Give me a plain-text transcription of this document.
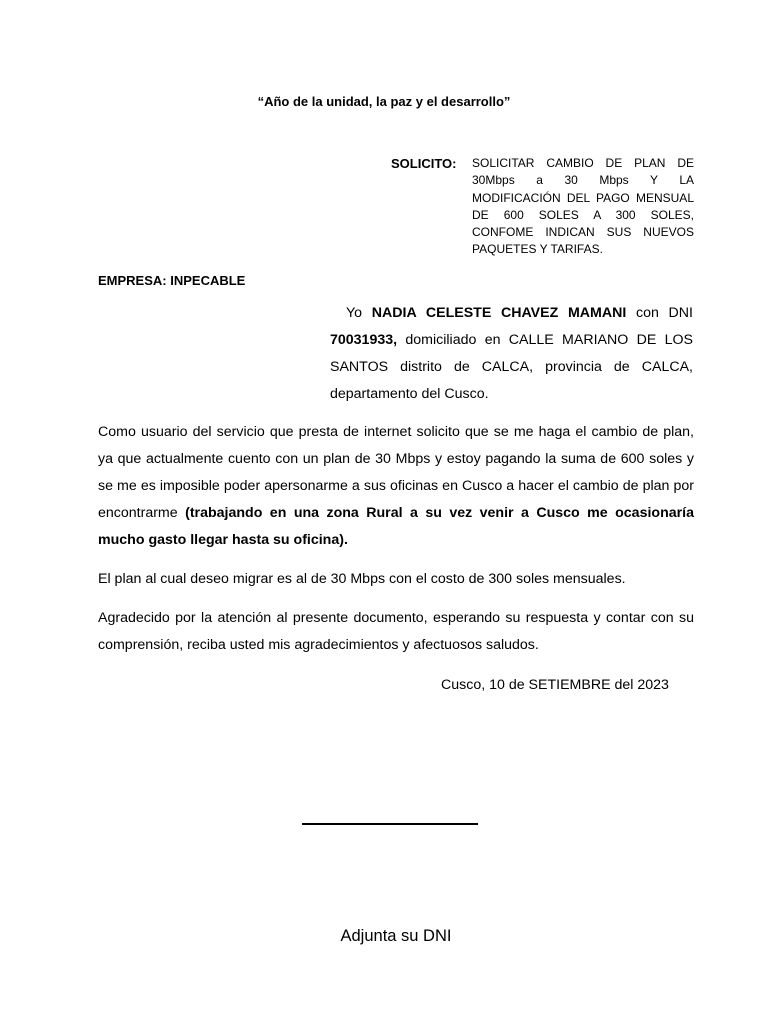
“Año de la unidad, la paz y el desarrollo”
SOLICITO: SOLICITAR CAMBIO DE PLAN DE 30Mbps a 30 Mbps Y LA MODIFICACIÓN DEL PAGO MENSUAL DE 600 SOLES A 300 SOLES, CONFOME INDICAN SUS NUEVOS PAQUETES Y TARIFAS.
EMPRESA: INPECABLE
Yo NADIA CELESTE CHAVEZ MAMANI con DNI 70031933, domiciliado en CALLE MARIANO DE LOS SANTOS distrito de CALCA, provincia de CALCA, departamento del Cusco.
Como usuario del servicio que presta de internet solicito que se me haga el cambio de plan, ya que actualmente cuento con un plan de 30 Mbps y estoy pagando la suma de 600 soles y se me es imposible poder apersonarme a sus oficinas en Cusco a hacer el cambio de plan por encontrarme (trabajando en una zona Rural a su vez venir a Cusco me ocasionaría mucho gasto llegar hasta su oficina).
El plan al cual deseo migrar es al de 30 Mbps con el costo de 300 soles mensuales.
Agradecido por la atención al presente documento, esperando su respuesta y contar con su comprensión, reciba usted mis agradecimientos y afectuosos saludos.
Cusco, 10 de SETIEMBRE del 2023
Adjunta su DNI
